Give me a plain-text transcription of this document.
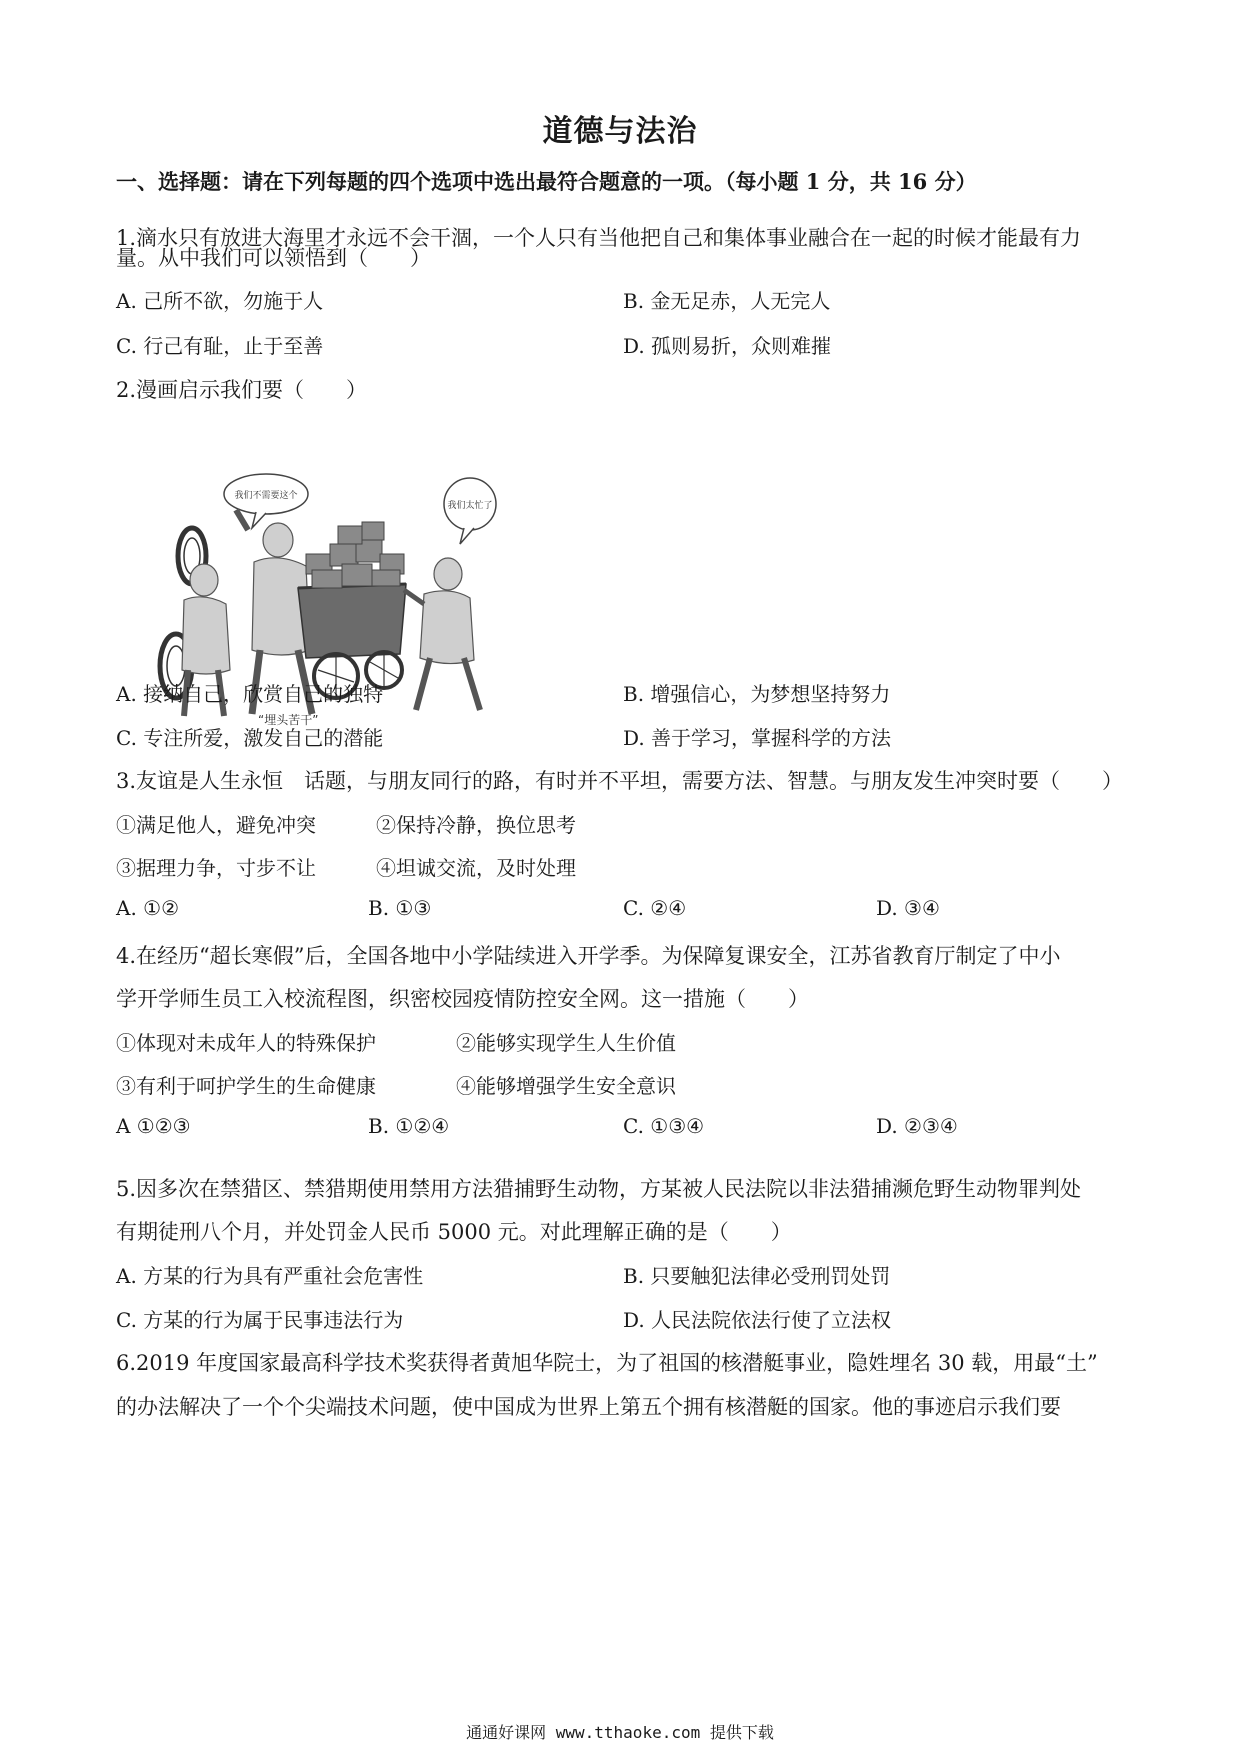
道德与法治
一、选择题：请在下列每题的四个选项中选出最符合题意的一项。（每小题 1 分，共 16 分）
1.滴水只有放进大海里才永远不会干涸，一个人只有当他把自己和集体事业融合在一起的时候才能最有力
量。从中我们可以领悟到（　　）
A. 己所不欲，勿施于人	B. 金无足赤，人无完人
C. 行己有耻，止于至善	D. 孤则易折，众则难摧
2.漫画启示我们要（　　）
我们不需要这个
我们太忙了
“埋头苦干”
A. 接纳自己，欣赏自己的独特	B. 增强信心，为梦想坚持努力
C. 专注所爱，激发自己的潜能	D. 善于学习，掌握科学的方法
3.友谊是人生永恒　话题，与朋友同行的路，有时并不平坦，需要方法、智慧。与朋友发生冲突时要（　　）
①满足他人，避免冲突	②保持冷静，换位思考
③据理力争，寸步不让	④坦诚交流，及时处理
A. ①②	B. ①③	C. ②④	D. ③④
4.在经历“超长寒假”后，全国各地中小学陆续进入开学季。为保障复课安全，江苏省教育厅制定了中小
学开学师生员工入校流程图，织密校园疫情防控安全网。这一措施（　　）
①体现对未成年人的特殊保护	②能够实现学生人生价值
③有利于呵护学生的生命健康	④能够增强学生安全意识
A ①②③	B. ①②④	C. ①③④	D. ②③④
5.因多次在禁猎区、禁猎期使用禁用方法猎捕野生动物，方某被人民法院以非法猎捕濒危野生动物罪判处
有期徒刑八个月，并处罚金人民币 5000 元。对此理解正确的是（　　）
A. 方某的行为具有严重社会危害性	B. 只要触犯法律必受刑罚处罚
C. 方某的行为属于民事违法行为	D. 人民法院依法行使了立法权
6.2019 年度国家最高科学技术奖获得者黄旭华院士，为了祖国的核潜艇事业，隐姓埋名 30 载，用最“土”
的办法解决了一个个尖端技术问题，使中国成为世界上第五个拥有核潜艇的国家。他的事迹启示我们要
通通好课网 www.tthaoke.com 提供下载
